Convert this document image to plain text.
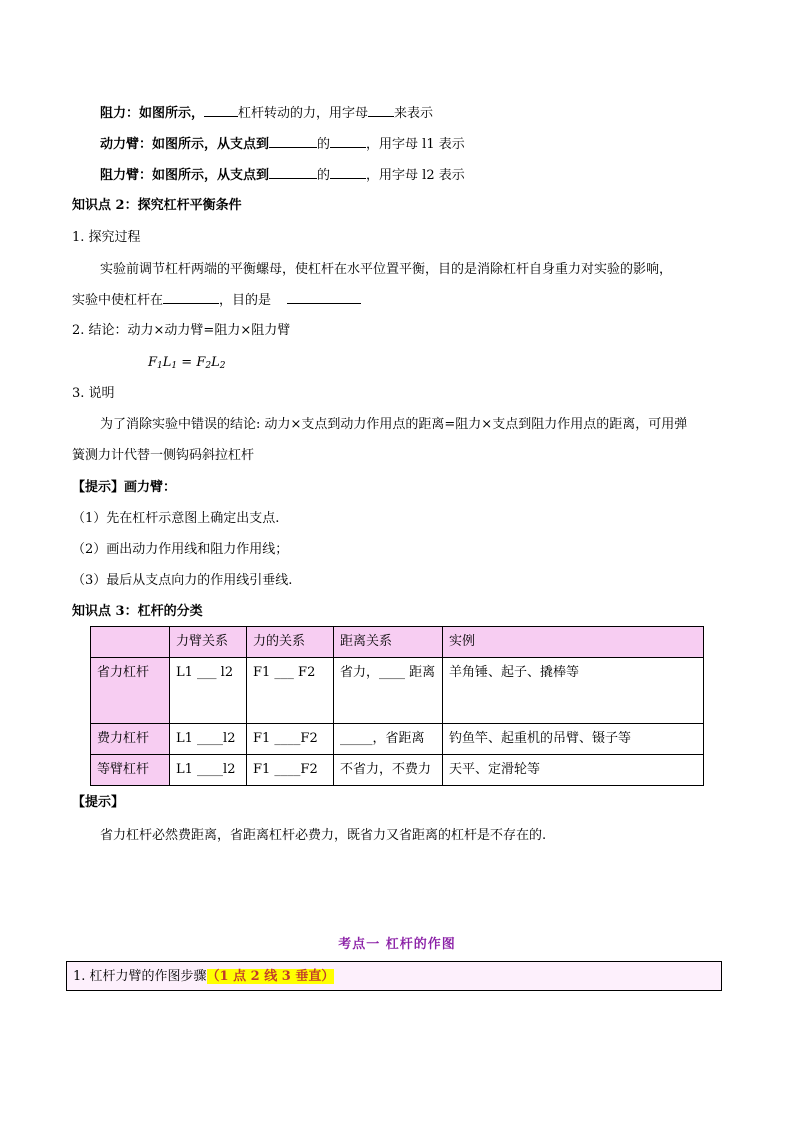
阻力：如图所示，	杠杆转动的力，用字母 来表示
动力臂：如图所示，从支点到	的	，用字母 l1 表示
阻力臂：如图所示，从支点到	的	，用字母 l2 表示
知识点 2：探究杠杆平衡条件
1. 探究过程
实验前调节杠杆两端的平衡螺母，使杠杆在水平位置平衡，目的是消除杠杆自身重力对实验的影响，
实验中使杠杆在	，目的是
2. 结论：动力×动力臂=阻力×阻力臂
$F_1L_1 = F_2L_2$
3. 说明
为了消除实验中错误的结论: 动力×支点到动力作用点的距离=阻力×支点到阻力作用点的距离，可用弹
簧测力计代替一侧钩码斜拉杠杆
【提示】画力臂：
（1）先在杠杆示意图上确定出支点.
（2）画出动力作用线和阻力作用线；
（3）最后从支点向力的作用线引垂线.
知识点 3：杠杆的分类
	力臂关系	力的关系	距离关系	实例
省力杠杆	L1 ___ l2	F1 ___ F2	省力，____ 距离	羊角锤、起子、撬棒等
费力杠杆	L1 ____l2	F1 ____F2	_____，省距离	钓鱼竿、起重机的吊臂、镊子等
等臂杠杆	L1 ____l2	F1 ____F2	不省力，不费力	天平、定滑轮等
【提示】
省力杠杆必然费距离，省距离杠杆必费力，既省力又省距离的杠杆是不存在的.
考点一 杠杆的作图
1. 杠杆力臂的作图步骤（1 点 2 线 3 垂直）
